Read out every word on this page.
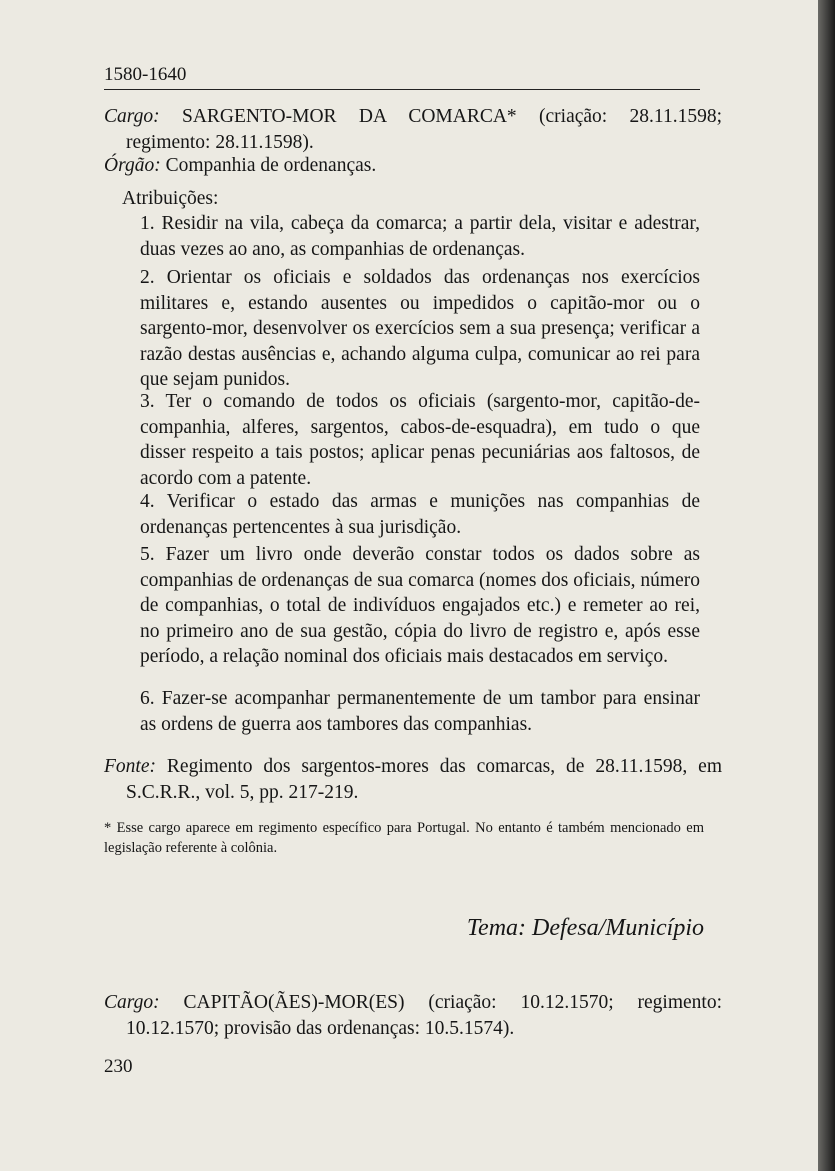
1580-1640
Cargo: SARGENTO-MOR DA COMARCA* (criação: 28.11.1598; regimento: 28.11.1598).
Órgão: Companhia de ordenanças.
Atribuições:
1. Residir na vila, cabeça da comarca; a partir dela, visitar e adestrar, duas vezes ao ano, as companhias de ordenanças.
2. Orientar os oficiais e soldados das ordenanças nos exercícios militares e, estando ausentes ou impedidos o capitão-mor ou o sargento-mor, desenvolver os exercícios sem a sua presença; verificar a razão destas ausências e, achando alguma culpa, comunicar ao rei para que sejam punidos.
3. Ter o comando de todos os oficiais (sargento-mor, capitão-de-companhia, alferes, sargentos, cabos-de-esquadra), em tudo o que disser respeito a tais postos; aplicar penas pecuniárias aos faltosos, de acordo com a patente.
4. Verificar o estado das armas e munições nas companhias de ordenanças pertencentes à sua jurisdição.
5. Fazer um livro onde deverão constar todos os dados sobre as companhias de ordenanças de sua comarca (nomes dos oficiais, número de companhias, o total de indivíduos engajados etc.) e remeter ao rei, no primeiro ano de sua gestão, cópia do livro de registro e, após esse período, a relação nominal dos oficiais mais destacados em serviço.
6. Fazer-se acompanhar permanentemente de um tambor para ensinar as ordens de guerra aos tambores das companhias.
Fonte: Regimento dos sargentos-mores das comarcas, de 28.11.1598, em S.C.R.R., vol. 5, pp. 217-219.
* Esse cargo aparece em regimento específico para Portugal. No entanto é também mencionado em legislação referente à colônia.
Tema: Defesa/Município
Cargo: CAPITÃO(ÃES)-MOR(ES) (criação: 10.12.1570; regimento: 10.12.1570; provisão das ordenanças: 10.5.1574).
230
